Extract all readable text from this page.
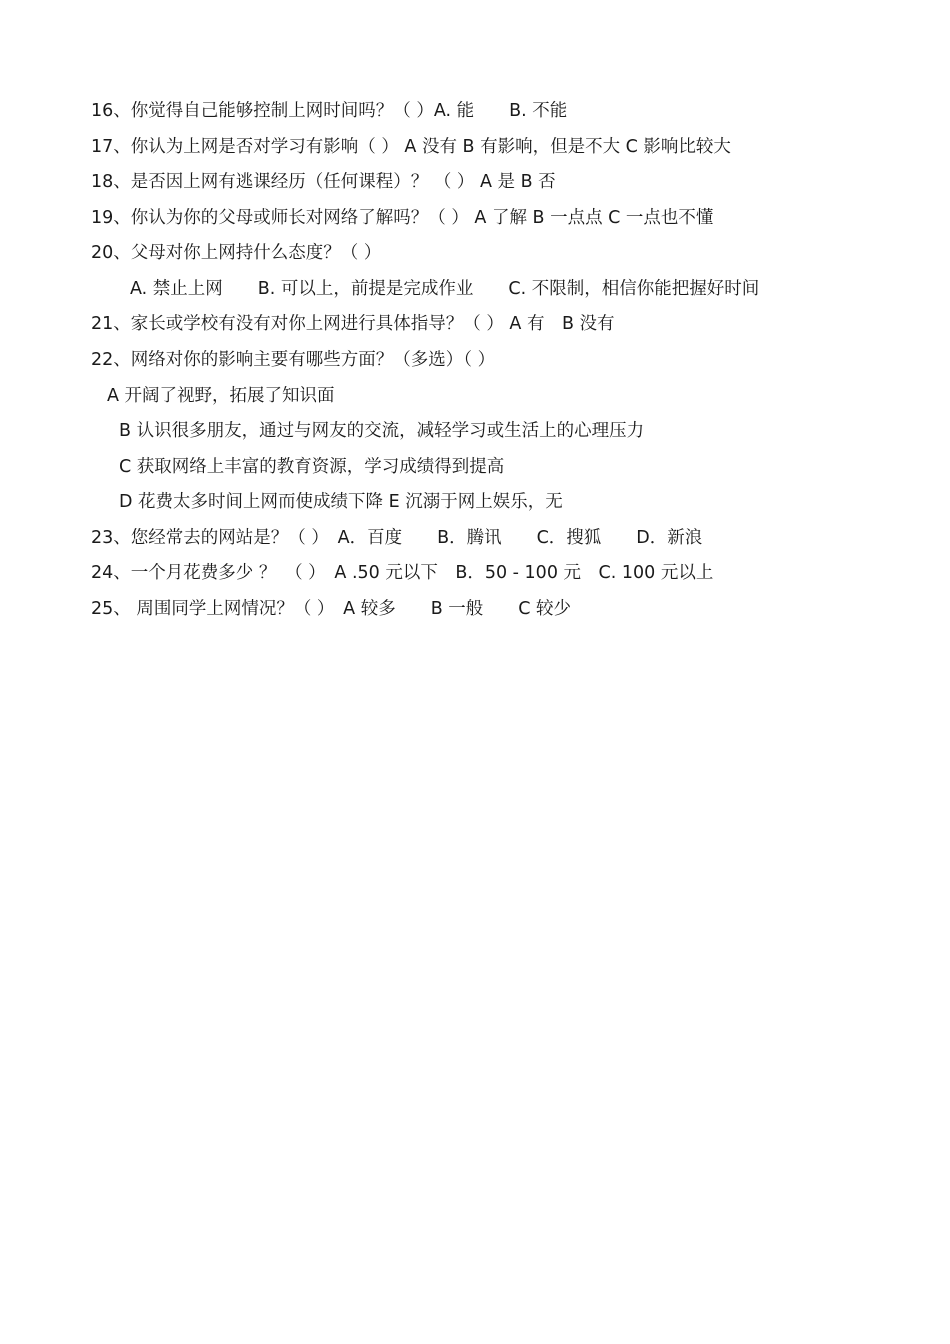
16、你觉得自己能够控制上网时间吗？（ ）A. 能　　B. 不能
17、你认为上网是否对学习有影响（ ） A 没有 B 有影响，但是不大 C 影响比较大
18、是否因上网有逃课经历（任何课程）？ （ ） A 是 B 否
19、你认为你的父母或师长对网络了解吗？（ ） A 了解 B 一点点 C 一点也不懂
20、父母对你上网持什么态度？（ ）
A. 禁止上网　　B. 可以上，前提是完成作业　　C. 不限制，相信你能把握好时间
21、家长或学校有没有对你上网进行具体指导？（ ） A 有　B 没有
22、网络对你的影响主要有哪些方面？（多选）（ ）
A 开阔了视野，拓展了知识面
B 认识很多朋友，通过与网友的交流，减轻学习或生活上的心理压力
C 获取网络上丰富的教育资源，学习成绩得到提高
D 花费太多时间上网而使成绩下降 E 沉溺于网上娱乐，无
23、您经常去的网站是？（ ）　A．百度　　B．腾讯　　C．搜狐　　D．新浪
24、一个月花费多少 ？　（ ）　A .50 元以下　B．50 - 100 元　C. 100 元以上
25、 周围同学上网情况？（ ）　A 较多　　B 一般　　C 较少
